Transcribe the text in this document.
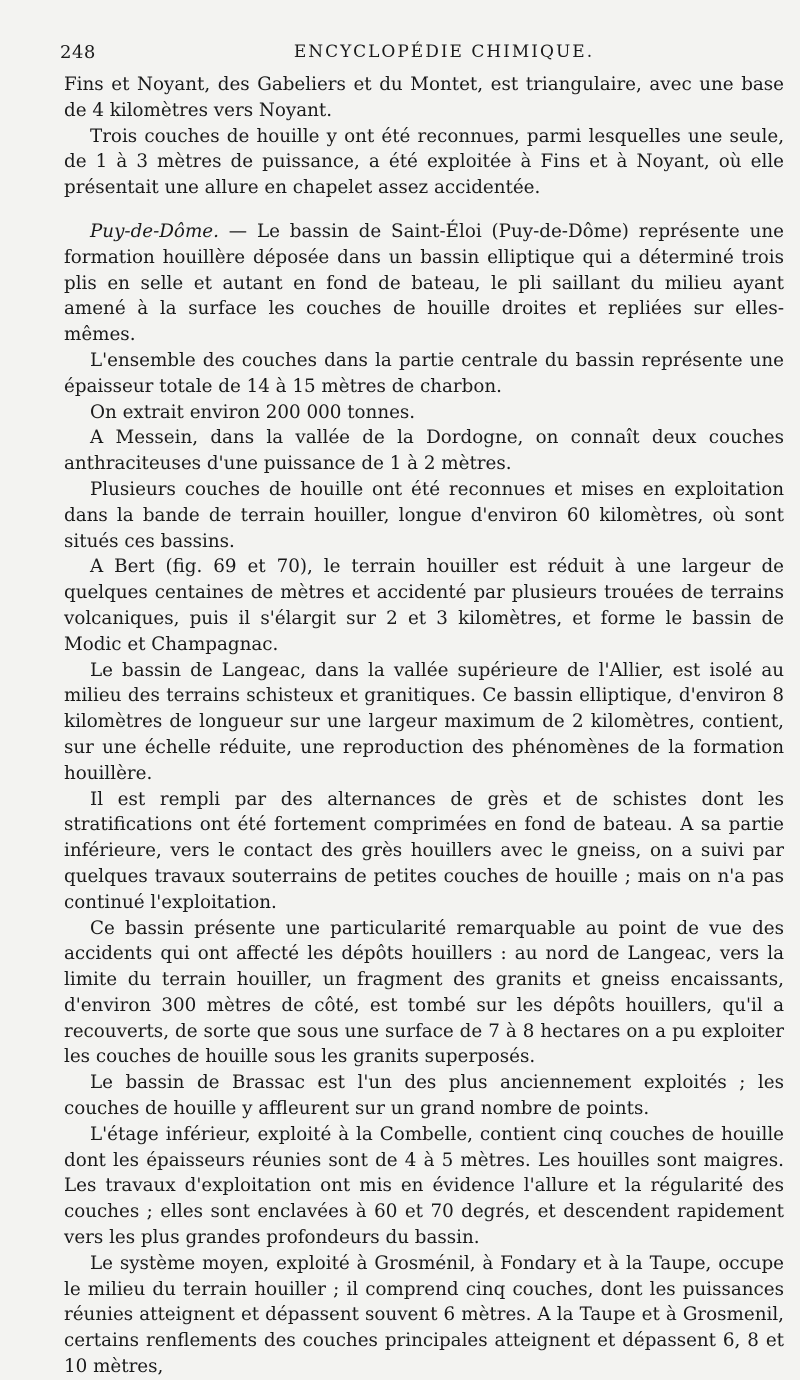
248	ENCYCLOPÉDIE CHIMIQUE.

Fins et Noyant, des Gabeliers et du Montet, est triangulaire, avec une base de 4 kilomètres vers Noyant.

Trois couches de houille y ont été reconnues, parmi lesquelles une seule, de 1 à 3 mètres de puissance, a été exploitée à Fins et à Noyant, où elle présentait une allure en chapelet assez accidentée.

Puy-de-Dôme. — Le bassin de Saint-Éloi (Puy-de-Dôme) représente une formation houillère déposée dans un bassin elliptique qui a déterminé trois plis en selle et autant en fond de bateau, le pli saillant du milieu ayant amené à la surface les couches de houille droites et repliées sur elles-mêmes.

L'ensemble des couches dans la partie centrale du bassin représente une épaisseur totale de 14 à 15 mètres de charbon.

On extrait environ 200 000 tonnes.

A Messein, dans la vallée de la Dordogne, on connaît deux couches anthraciteuses d'une puissance de 1 à 2 mètres.

Plusieurs couches de houille ont été reconnues et mises en exploitation dans la bande de terrain houiller, longue d'environ 60 kilomètres, où sont situés ces bassins.

A Bert (fig. 69 et 70), le terrain houiller est réduit à une largeur de quelques centaines de mètres et accidenté par plusieurs trouées de terrains volcaniques, puis il s'élargit sur 2 et 3 kilomètres, et forme le bassin de Modic et Champagnac.

Le bassin de Langeac, dans la vallée supérieure de l'Allier, est isolé au milieu des terrains schisteux et granitiques. Ce bassin elliptique, d'environ 8 kilomètres de longueur sur une largeur maximum de 2 kilomètres, contient, sur une échelle réduite, une reproduction des phénomènes de la formation houillère.

Il est rempli par des alternances de grès et de schistes dont les stratifications ont été fortement comprimées en fond de bateau. A sa partie inférieure, vers le contact des grès houillers avec le gneiss, on a suivi par quelques travaux souterrains de petites couches de houille ; mais on n'a pas continué l'exploitation.

Ce bassin présente une particularité remarquable au point de vue des accidents qui ont affecté les dépôts houillers : au nord de Langeac, vers la limite du terrain houiller, un fragment des granits et gneiss encaissants, d'environ 300 mètres de côté, est tombé sur les dépôts houillers, qu'il a recouverts, de sorte que sous une surface de 7 à 8 hectares on a pu exploiter les couches de houille sous les granits superposés.

Le bassin de Brassac est l'un des plus anciennement exploités ; les couches de houille y affleurent sur un grand nombre de points.

L'étage inférieur, exploité à la Combelle, contient cinq couches de houille dont les épaisseurs réunies sont de 4 à 5 mètres. Les houilles sont maigres. Les travaux d'exploitation ont mis en évidence l'allure et la régularité des couches ; elles sont enclavées à 60 et 70 degrés, et descendent rapidement vers les plus grandes profondeurs du bassin.

Le système moyen, exploité à Grosménil, à Fondary et à la Taupe, occupe le milieu du terrain houiller ; il comprend cinq couches, dont les puissances réunies atteignent et dépassent souvent 6 mètres. A la Taupe et à Grosmenil, certains renflements des couches principales atteignent et dépassent 6, 8 et 10 mètres,
